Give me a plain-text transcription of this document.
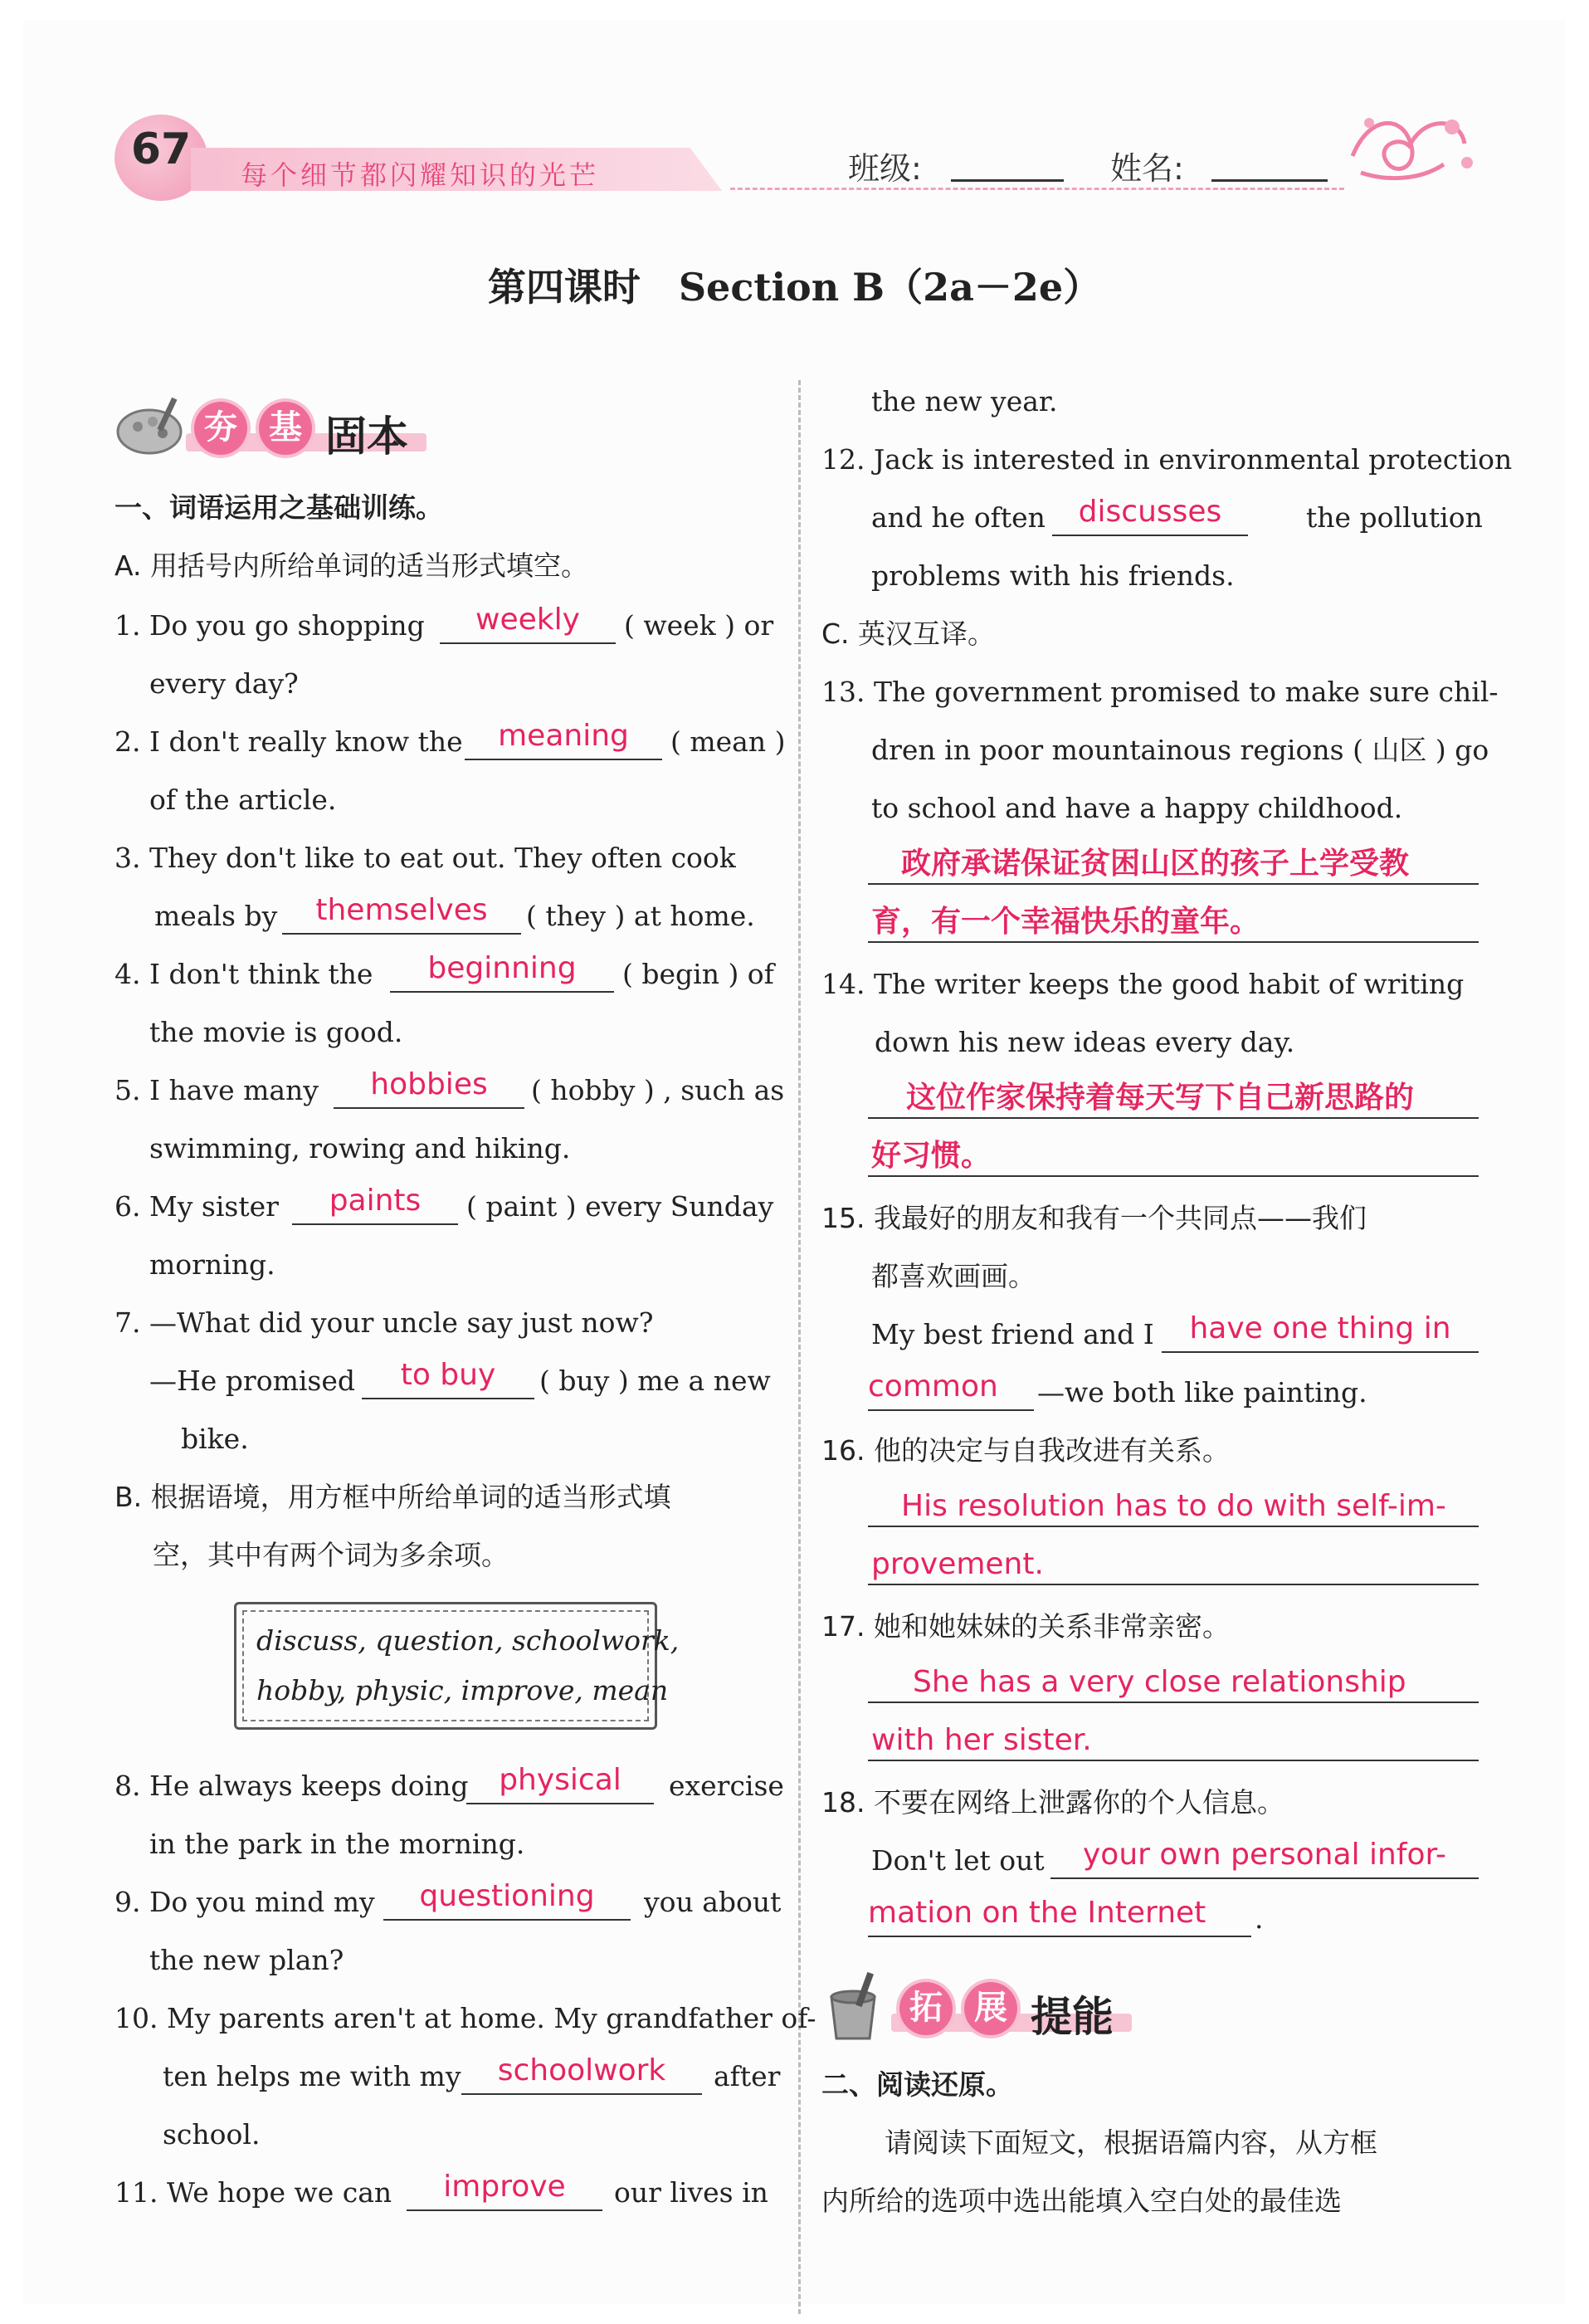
67
每个细节都闪耀知识的光芒	班级:	姓名:
第四课时　Section B（2a－2e）
夯 基 固本
一、词语运用之基础训练。
A. 用括号内所给单词的适当形式填空。
1. Do you go shopping	weekly	( week ) or
every day?
2. I don't really know the	meaning	( mean )
of the article.
3. They don't like to eat out. They often cook
meals by	themselves	( they ) at home.
4. I don't think the	beginning	( begin ) of
the movie is good.
5. I have many	hobbies	( hobby ) , such as
swimming, rowing and hiking.
6. My sister	paints	( paint ) every Sunday
morning.
7. —What did your uncle say just now?
—He promised	to buy	( buy ) me a new
bike.
B. 根据语境，用方框中所给单词的适当形式填
空，其中有两个词为多余项。
discuss, question, schoolwork,
hobby, physic, improve, mean
8. He always keeps doing	physical	exercise
in the park in the morning.
9. Do you mind my	questioning	you about
the new plan?
10. My parents aren't at home. My grandfather of-
ten helps me with my	schoolwork	after
school.
11. We hope we can	improve	our lives in
the new year.
12. Jack is interested in environmental protection
and he often	discusses	the pollution
problems with his friends.
C. 英汉互译。
13. The government promised to make sure chil-
dren in poor mountainous regions ( 山区 ) go
to school and have a happy childhood.
政府承诺保证贫困山区的孩子上学受教
育，有一个幸福快乐的童年。
14. The writer keeps the good habit of writing
down his new ideas every day.
这位作家保持着每天写下自己新思路的
好习惯。
15. 我最好的朋友和我有一个共同点——我们
都喜欢画画。
My best friend and I	have one thing in
common	—we both like painting.
16. 他的决定与自我改进有关系。
His resolution has to do with self-im-
provement.
17. 她和她妹妹的关系非常亲密。
She has a very close relationship
with her sister.
18. 不要在网络上泄露你的个人信息。
Don't let out	your own personal infor-
mation on the Internet	.
拓 展 提能
二、阅读还原。
请阅读下面短文，根据语篇内容，从方框
内所给的选项中选出能填入空白处的最佳选
